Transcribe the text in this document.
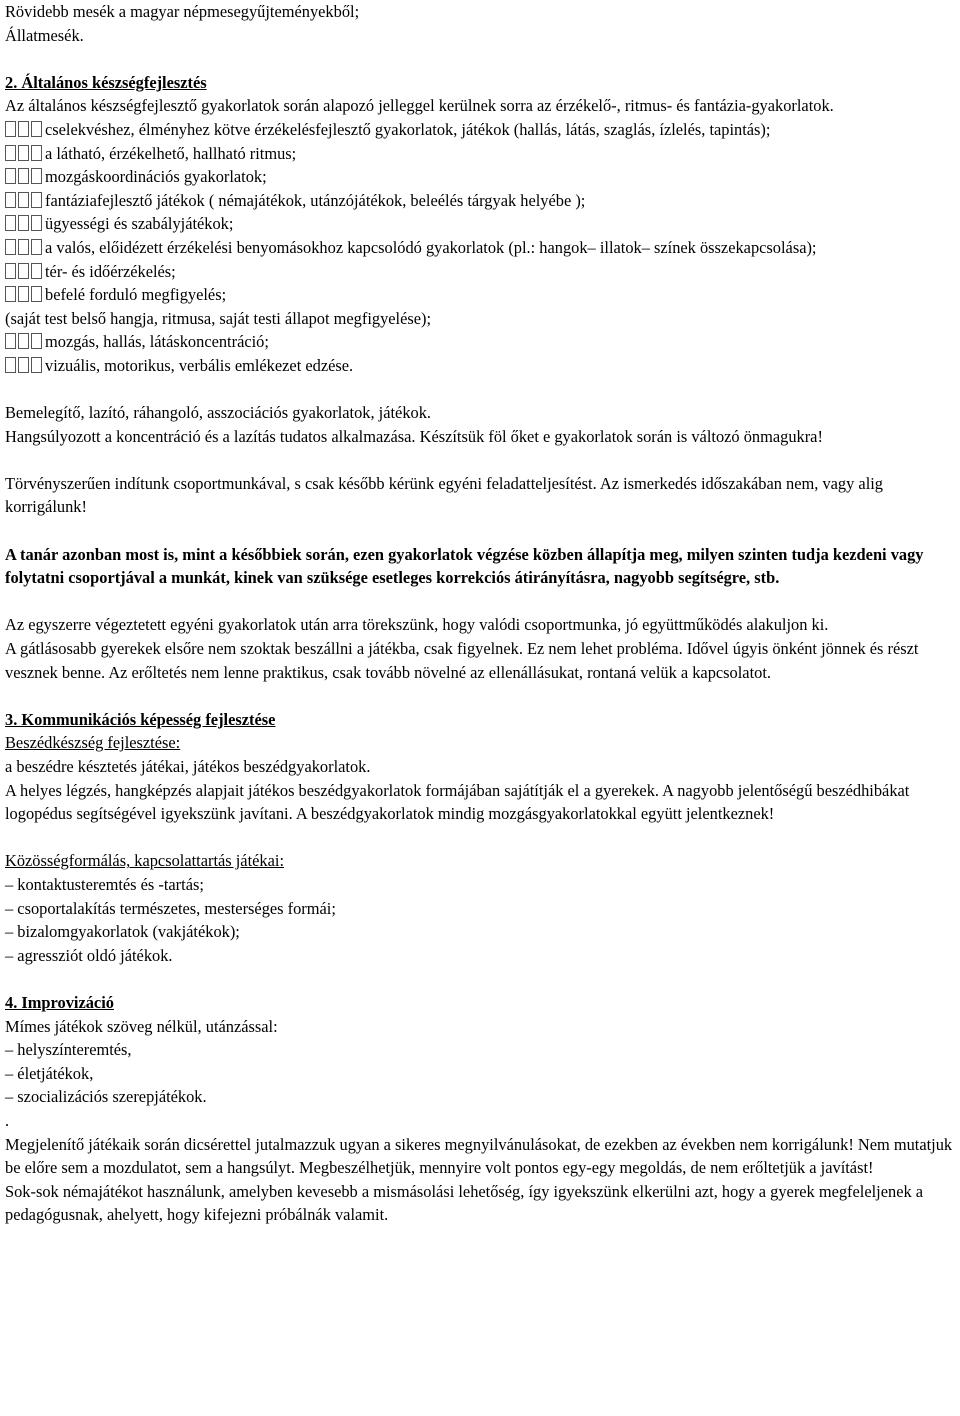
Rövidebb mesék a magyar népmesegyűjteményekből;

Állatmesék.

2. Általános készségfejlesztés

Az általános készségfejlesztő gyakorlatok során alapozó jelleggel kerülnek sorra az érzékelő-, ritmus- és fantázia-gyakorlatok.

cselekvéshez, élményhez kötve érzékelésfejlesztő gyakorlatok, játékok (hallás, látás, szaglás, ízlelés, tapintás);

a látható, érzékelhető, hallható ritmus;

mozgáskoordinációs gyakorlatok;

fantáziafejlesztő játékok ( némajátékok, utánzójátékok, beleélés tárgyak helyébe );

ügyességi és szabályjátékok;

a valós, előidézett érzékelési benyomásokhoz kapcsolódó gyakorlatok (pl.: hangok– illatok– színek összekapcsolása);

tér- és időérzékelés;

befelé forduló megfigyelés;

(saját test belső hangja, ritmusa, saját testi állapot megfigyelése);

mozgás, hallás, látáskoncentráció;

vizuális, motorikus, verbális emlékezet edzése.

Bemelegítő, lazító, ráhangoló, asszociációs gyakorlatok, játékok.

Hangsúlyozott a koncentráció és a lazítás tudatos alkalmazása. Készítsük föl őket e gyakorlatok során is változó önmagukra!

Törvényszerűen indítunk csoportmunkával, s csak később kérünk egyéni feladatteljesítést. Az ismerkedés időszakában nem, vagy alig korrigálunk!

A tanár azonban most is, mint a későbbiek során, ezen gyakorlatok végzése közben állapítja meg, milyen szinten tudja kezdeni vagy folytatni csoportjával a munkát, kinek van szüksége esetleges korrekciós átirányításra, nagyobb segítségre, stb.

Az egyszerre végeztetett egyéni gyakorlatok után arra törekszünk, hogy valódi csoportmunka, jó együttműködés alakuljon ki.

A gátlásosabb gyerekek elsőre nem szoktak beszállni a játékba, csak figyelnek. Ez nem lehet probléma. Idővel úgyis önként jönnek és részt vesznek benne. Az erőltetés nem lenne praktikus, csak tovább növelné az ellenállásukat, rontaná velük a kapcsolatot.

3. Kommunikációs képesség fejlesztése

Beszédkészség fejlesztése:

a beszédre késztetés játékai, játékos beszédgyakorlatok.

A helyes légzés, hangképzés alapjait játékos beszédgyakorlatok formájában sajátítják el a gyerekek. A nagyobb jelentőségű beszédhibákat logopédus segítségével igyekszünk javítani. A beszédgyakorlatok mindig mozgásgyakorlatokkal együtt jelentkeznek!

Közösségformálás, kapcsolattartás játékai:

– kontaktusteremtés és -tartás;

– csoportalakítás természetes, mesterséges formái;

– bizalomgyakorlatok (vakjátékok);

– agressziót oldó játékok.

4. Improvizáció

Mímes játékok szöveg nélkül, utánzással:

– helyszínteremtés,

– életjátékok,

– szocializációs szerepjátékok.

.

Megjelenítő játékaik során dicsérettel jutalmazzuk ugyan a sikeres megnyilvánulásokat, de ezekben az években nem korrigálunk! Nem mutatjuk be előre sem a mozdulatot, sem a hangsúlyt. Megbeszélhetjük, mennyire volt pontos egy-egy megoldás, de nem erőltetjük a javítást!

Sok-sok némajátékot használunk, amelyben kevesebb a mismásolási lehetőség, így igyekszünk elkerülni azt, hogy a gyerek megfeleljenek a pedagógusnak, ahelyett, hogy kifejezni próbálnák valamit.
